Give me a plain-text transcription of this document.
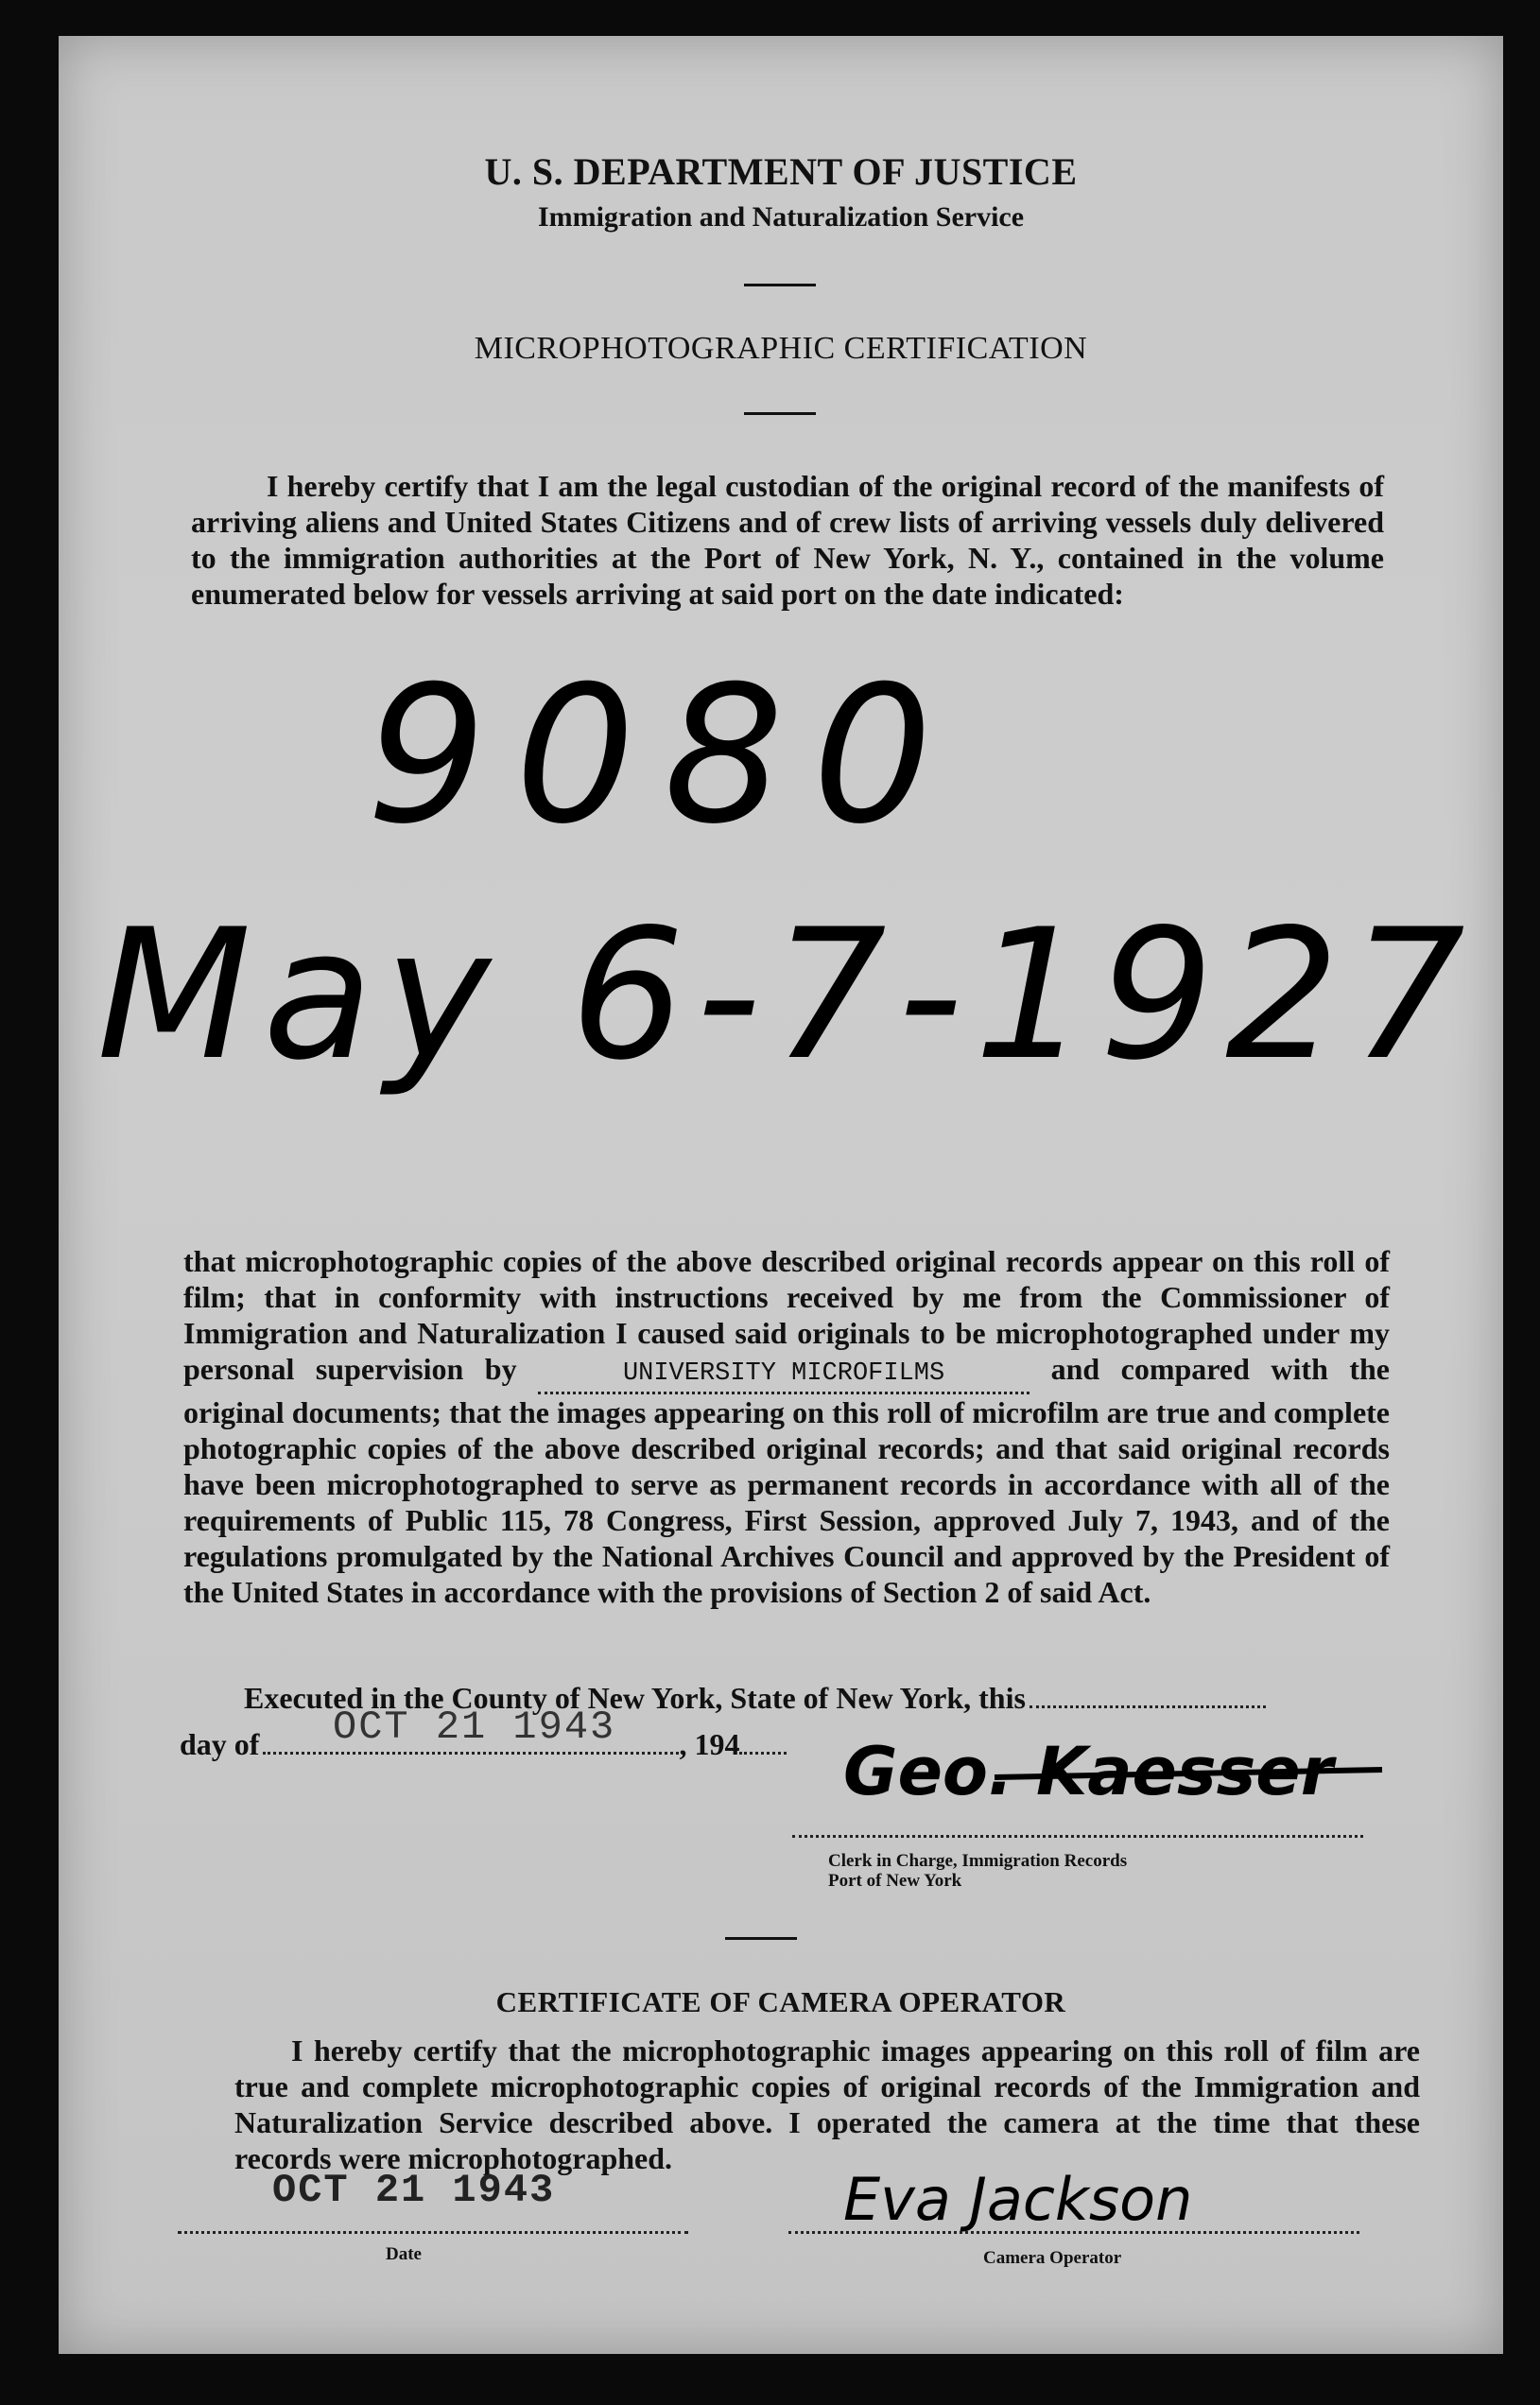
U. S. DEPARTMENT OF JUSTICE
Immigration and Naturalization Service
MICROPHOTOGRAPHIC CERTIFICATION
I hereby certify that I am the legal custodian of the original record of the manifests of arriving aliens and United States Citizens and of crew lists of arriving vessels duly delivered to the immigration authorities at the Port of New York, N. Y., contained in the volume enumerated below for vessels arriving at said port on the date indicated:
9080
May 6-7-1927
that microphotographic copies of the above described original records appear on this roll of film; that in conformity with instructions received by me from the Commissioner of Immigration and Naturalization I caused said originals to be microphotographed under my personal supervision by	UNIVERSITY MICROFILMS	and compared with the original documents; that the images appearing on this roll of microfilm are true and complete photographic copies of the above described original records; and that said original records have been microphotographed to serve as permanent records in accordance with all of the requirements of Public 115, 78 Congress, First Session, approved July 7, 1943, and of the regulations promulgated by the National Archives Council and approved by the President of the United States in accordance with the provisions of Section 2 of said Act.
Executed in the County of New York, State of New York, this
day of	, 194
OCT 21 1943
Geo. Kaesser
Clerk in Charge, Immigration Records
Port of New York
CERTIFICATE OF CAMERA OPERATOR
I hereby certify that the microphotographic images appearing on this roll of film are true and complete microphotographic copies of original records of the Immigration and Naturalization Service described above. I operated the camera at the time that these records were microphotographed.
OCT 21 1943
Date
Eva Jackson
Camera Operator
